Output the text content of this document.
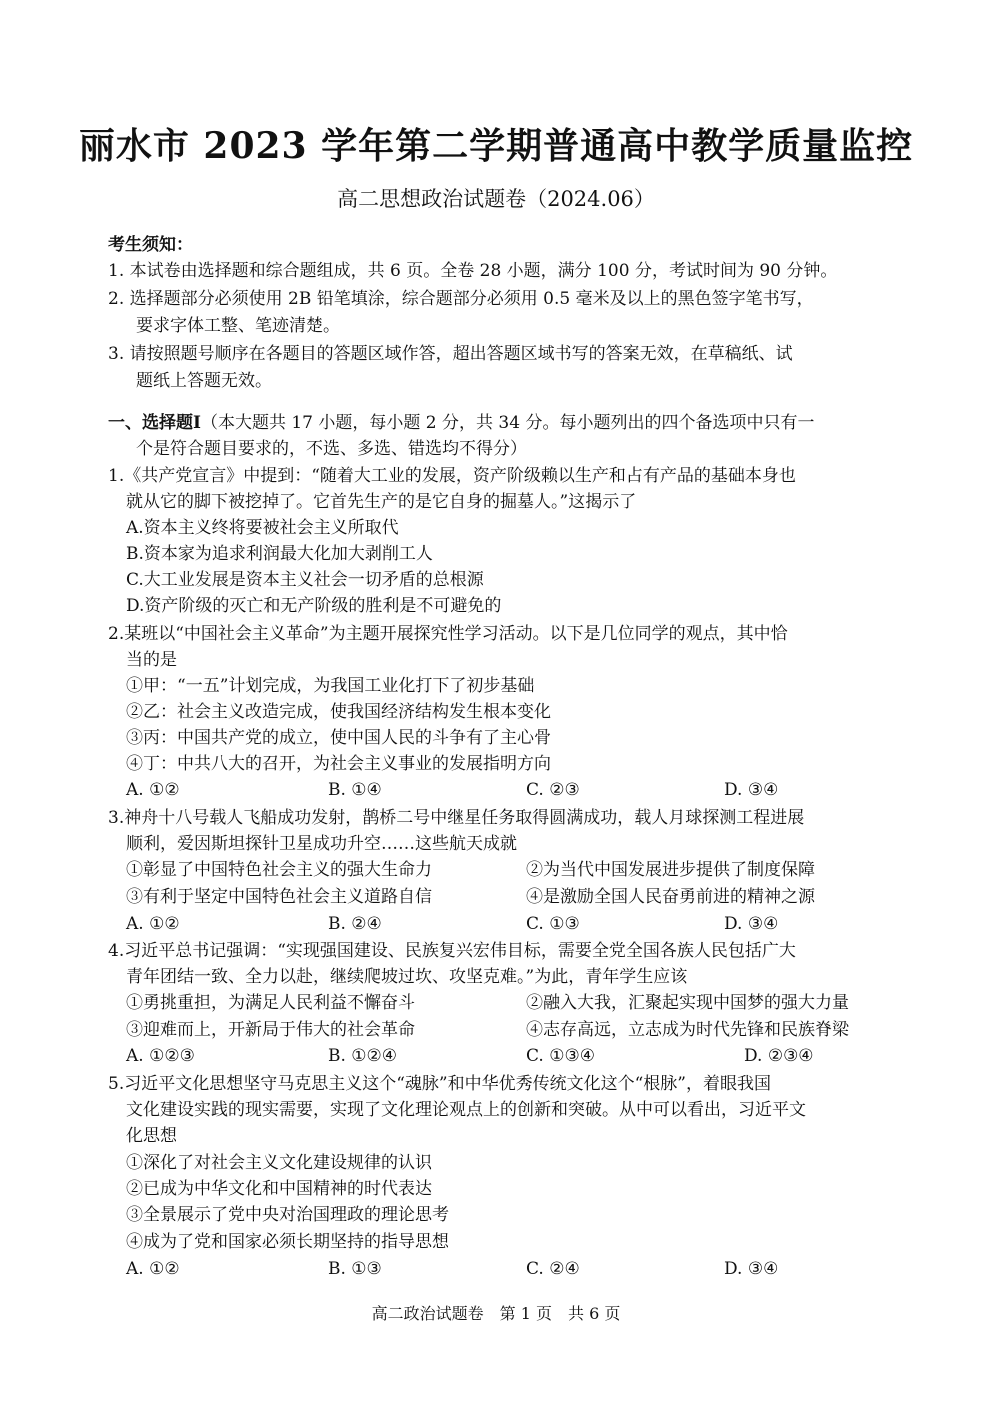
丽水市 2023 学年第二学期普通高中教学质量监控
高二思想政治试题卷（2024.06）
考生须知：
1. 本试卷由选择题和综合题组成，共 6 页。全卷 28 小题，满分 100 分，考试时间为 90 分钟。
2. 选择题部分必须使用 2B 铅笔填涂，综合题部分必须用 0.5 毫米及以上的黑色签字笔书写，
要求字体工整、笔迹清楚。
3. 请按照题号顺序在各题目的答题区域作答，超出答题区域书写的答案无效，在草稿纸、试
题纸上答题无效。
一、选择题Ⅰ（本大题共 17 小题，每小题 2 分，共 34 分。每小题列出的四个备选项中只有一
个是符合题目要求的，不选、多选、错选均不得分）
1.《共产党宣言》中提到：“随着大工业的发展，资产阶级赖以生产和占有产品的基础本身也
就从它的脚下被挖掉了。它首先生产的是它自身的掘墓人。”这揭示了
A.资本主义终将要被社会主义所取代
B.资本家为追求利润最大化加大剥削工人
C.大工业发展是资本主义社会一切矛盾的总根源
D.资产阶级的灭亡和无产阶级的胜利是不可避免的
2.某班以“中国社会主义革命”为主题开展探究性学习活动。以下是几位同学的观点，其中恰
当的是
①甲：“一五”计划完成，为我国工业化打下了初步基础
②乙：社会主义改造完成，使我国经济结构发生根本变化
③丙：中国共产党的成立，使中国人民的斗争有了主心骨
④丁：中共八大的召开，为社会主义事业的发展指明方向
A. ①②	B. ①④	C. ②③	D. ③④
3.神舟十八号载人飞船成功发射，鹊桥二号中继星任务取得圆满成功，载人月球探测工程进展
顺利，爱因斯坦探针卫星成功升空……这些航天成就
①彰显了中国特色社会主义的强大生命力	②为当代中国发展进步提供了制度保障
③有利于坚定中国特色社会主义道路自信	④是激励全国人民奋勇前进的精神之源
A. ①②	B. ②④	C. ①③	D. ③④
4.习近平总书记强调：“实现强国建设、民族复兴宏伟目标，需要全党全国各族人民包括广大
青年团结一致、全力以赴，继续爬坡过坎、攻坚克难。”为此，青年学生应该
①勇挑重担，为满足人民利益不懈奋斗	②融入大我，汇聚起实现中国梦的强大力量
③迎难而上，开新局于伟大的社会革命	④志存高远，立志成为时代先锋和民族脊梁
A. ①②③	B. ①②④	C. ①③④	D. ②③④
5.习近平文化思想坚守马克思主义这个“魂脉”和中华优秀传统文化这个“根脉”，着眼我国
文化建设实践的现实需要，实现了文化理论观点上的创新和突破。从中可以看出，习近平文
化思想
①深化了对社会主义文化建设规律的认识
②已成为中华文化和中国精神的时代表达
③全景展示了党中央对治国理政的理论思考
④成为了党和国家必须长期坚持的指导思想
A. ①②	B. ①③	C. ②④	D. ③④
高二政治试题卷　第 1 页　共 6 页
